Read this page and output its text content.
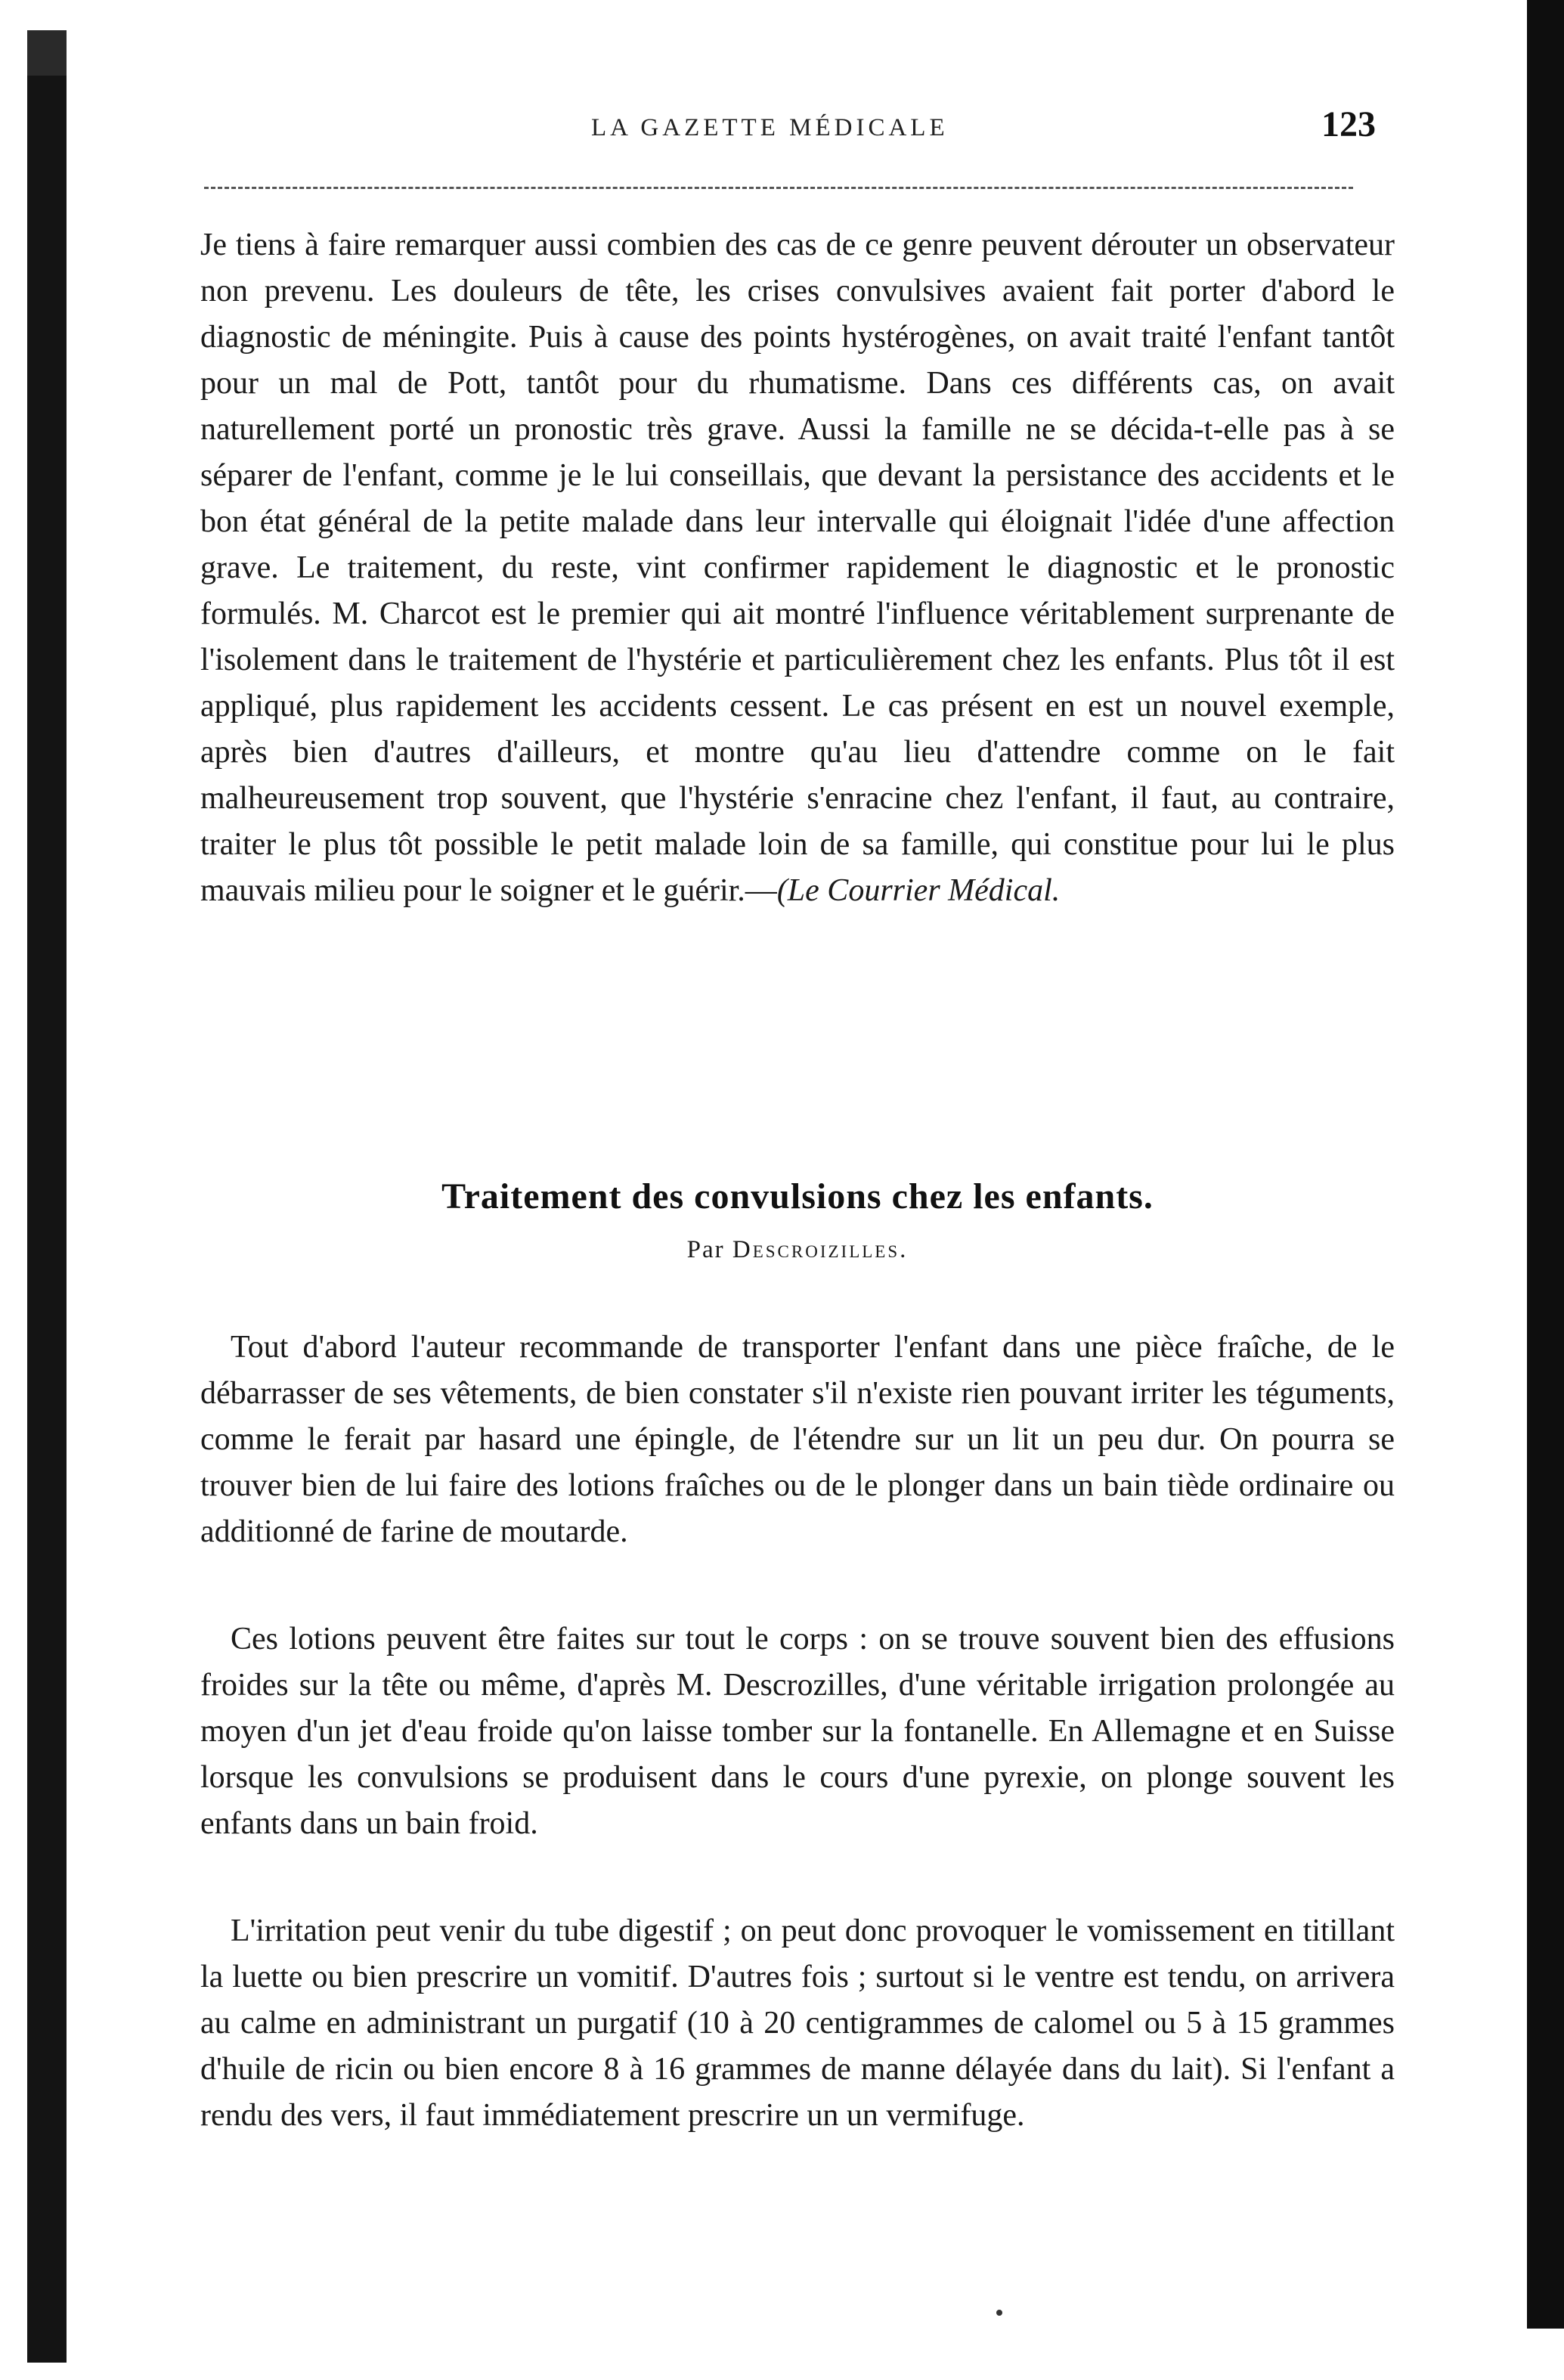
LA GAZETTE MÉDICALE	123

Je tiens à faire remarquer aussi combien des cas de ce genre peuvent dérouter un observateur non prevenu. Les douleurs de tête, les crises convulsives avaient fait porter d'abord le diagnostic de méningite. Puis à cause des points hystérogènes, on avait traité l'enfant tantôt pour un mal de Pott, tantôt pour du rhumatisme. Dans ces différents cas, on avait naturellement porté un pronostic très grave. Aussi la famille ne se décida-t-elle pas à se séparer de l'enfant, comme je le lui conseillais, que devant la persistance des accidents et le bon état général de la petite malade dans leur intervalle qui éloignait l'idée d'une affection grave. Le traitement, du reste, vint confirmer rapidement le diagnostic et le pronostic formulés. M. Charcot est le premier qui ait montré l'influence véritablement surprenante de l'isolement dans le traitement de l'hystérie et particulièrement chez les enfants. Plus tôt il est appliqué, plus rapidement les accidents cessent. Le cas présent en est un nouvel exemple, après bien d'autres d'ailleurs, et montre qu'au lieu d'attendre comme on le fait malheureusement trop souvent, que l'hystérie s'enracine chez l'enfant, il faut, au contraire, traiter le plus tôt possible le petit malade loin de sa famille, qui constitue pour lui le plus mauvais milieu pour le soigner et le guérir.—(Le Courrier Médical.

Traitement des convulsions chez les enfants.
Par Descroizilles.

Tout d'abord l'auteur recommande de transporter l'enfant dans une pièce fraîche, de le débarrasser de ses vêtements, de bien constater s'il n'existe rien pouvant irriter les téguments, comme le ferait par hasard une épingle, de l'étendre sur un lit un peu dur. On pourra se trouver bien de lui faire des lotions fraîches ou de le plonger dans un bain tiède ordinaire ou additionné de farine de moutarde.

Ces lotions peuvent être faites sur tout le corps : on se trouve souvent bien des effusions froides sur la tête ou même, d'après M. Descrozilles, d'une véritable irrigation prolongée au moyen d'un jet d'eau froide qu'on laisse tomber sur la fontanelle. En Allemagne et en Suisse lorsque les convulsions se produisent dans le cours d'une pyrexie, on plonge souvent les enfants dans un bain froid.

L'irritation peut venir du tube digestif ; on peut donc provoquer le vomissement en titillant la luette ou bien prescrire un vomitif. D'autres fois ; surtout si le ventre est tendu, on arrivera au calme en administrant un purgatif (10 à 20 centigrammes de calomel ou 5 à 15 grammes d'huile de ricin ou bien encore 8 à 16 grammes de manne délayée dans du lait). Si l'enfant a rendu des vers, il faut immédiatement prescrire un un vermifuge.
